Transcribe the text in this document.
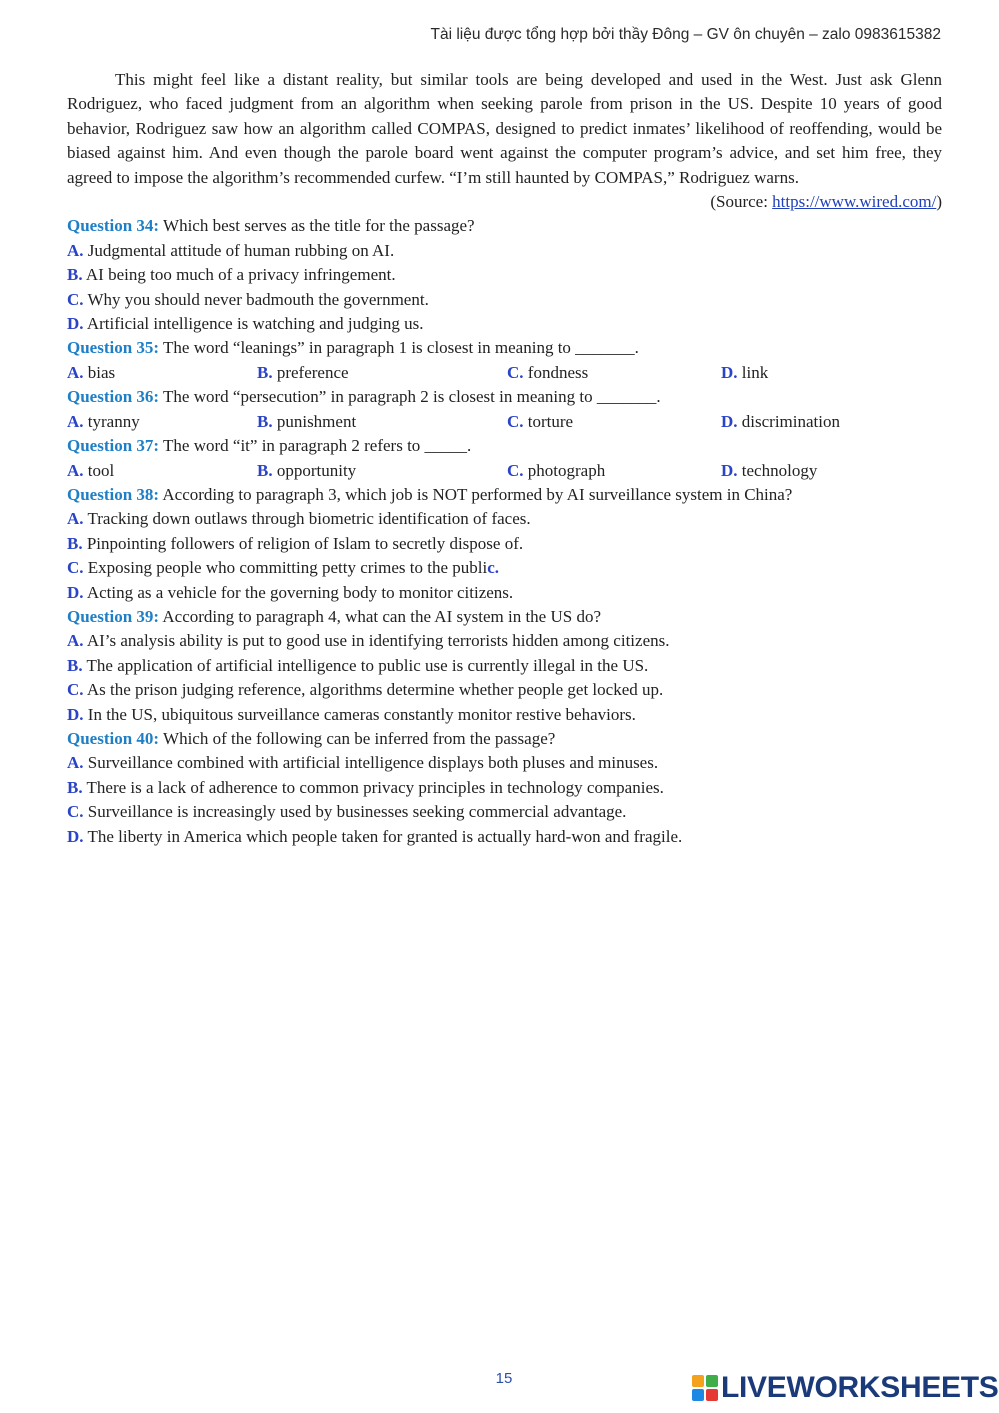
Tài liệu được tổng hợp bởi thầy Đông – GV ôn chuyên – zalo 0983615382

This might feel like a distant reality, but similar tools are being developed and used in the West. Just ask Glenn Rodriguez, who faced judgment from an algorithm when seeking parole from prison in the US. Despite 10 years of good behavior, Rodriguez saw how an algorithm called COMPAS, designed to predict inmates’ likelihood of reoffending, would be biased against him. And even though the parole board went against the computer program’s advice, and set him free, they agreed to impose the algorithm’s recommended curfew. “I’m still haunted by COMPAS,” Rodriguez warns.

(Source: https://www.wired.com/)

Question 34: Which best serves as the title for the passage?

A. Judgmental attitude of human rubbing on AI.

B. AI being too much of a privacy infringement.

C. Why you should never badmouth the government.

D. Artificial intelligence is watching and judging us.

Question 35: The word “leanings” in paragraph 1 is closest in meaning to _______.

A. bias	B. preference	C. fondness	D. link

Question 36: The word “persecution” in paragraph 2 is closest in meaning to _______.

A. tyranny	B. punishment	C. torture	D. discrimination

Question 37: The word “it” in paragraph 2 refers to _____.

A. tool	B. opportunity	C. photograph	D. technology

Question 38: According to paragraph 3, which job is NOT performed by AI surveillance system in China?

A. Tracking down outlaws through biometric identification of faces.

B. Pinpointing followers of religion of Islam to secretly dispose of.

C. Exposing people who committing petty crimes to the public.

D. Acting as a vehicle for the governing body to monitor citizens.

Question 39: According to paragraph 4, what can the AI system in the US do?

A. AI’s analysis ability is put to good use in identifying terrorists hidden among citizens.

B. The application of artificial intelligence to public use is currently illegal in the US.

C. As the prison judging reference, algorithms determine whether people get locked up.

D. In the US, ubiquitous surveillance cameras constantly monitor restive behaviors.

Question 40: Which of the following can be inferred from the passage?

A. Surveillance combined with artificial intelligence displays both pluses and minuses.

B. There is a lack of adherence to common privacy principles in technology companies.

C. Surveillance is increasingly used by businesses seeking commercial advantage.

D. The liberty in America which people taken for granted is actually hard-won and fragile.

15	LIVEWORKSHEETS
